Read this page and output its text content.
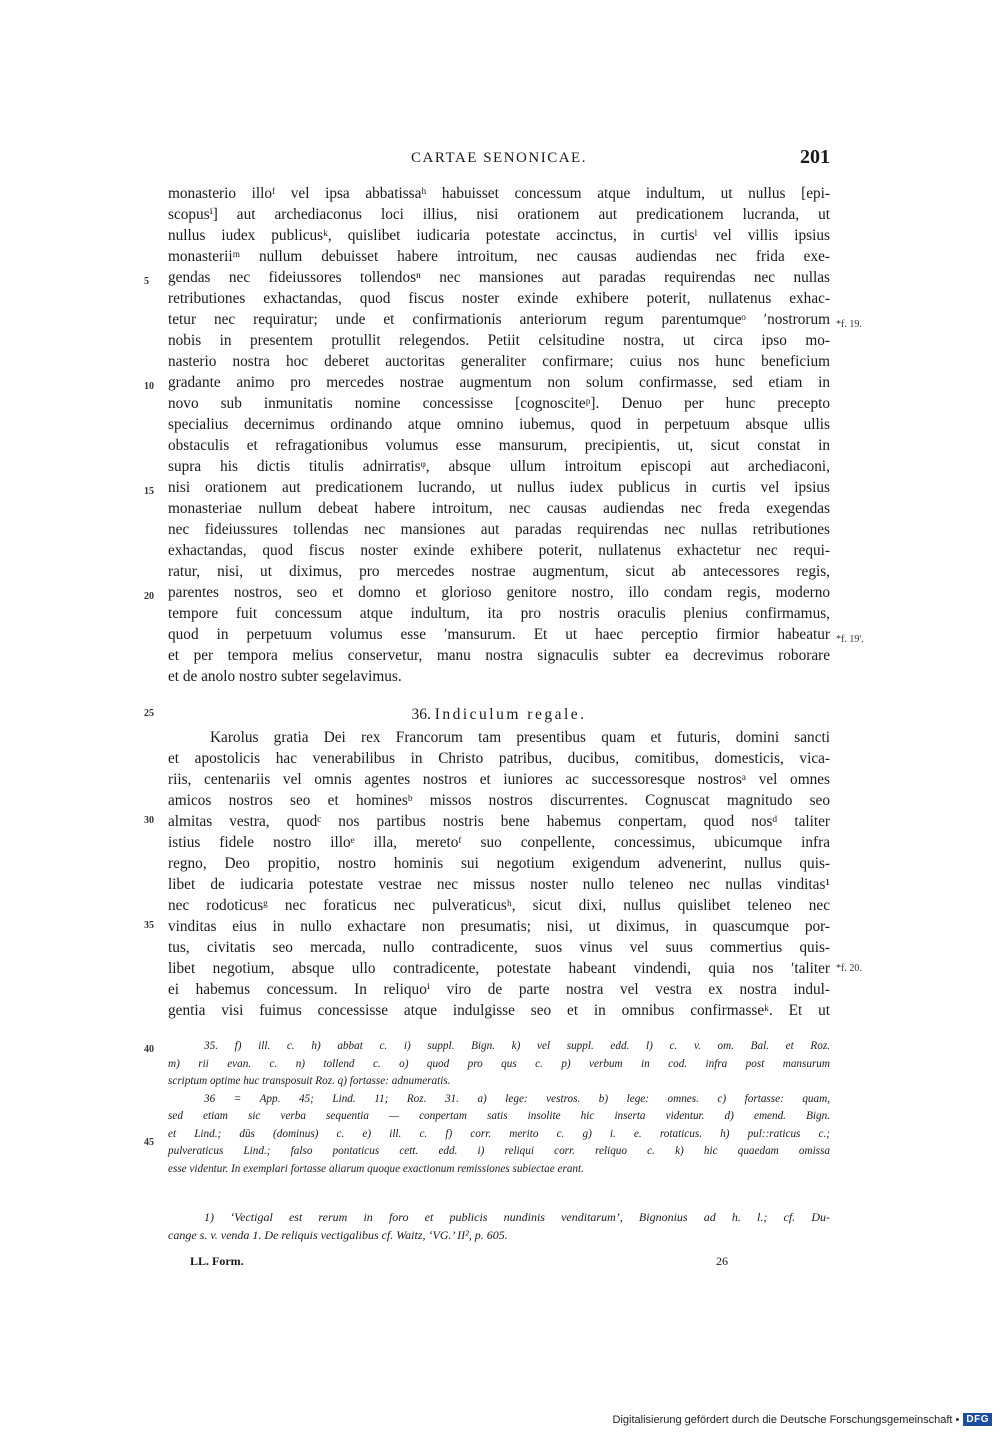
CARTAE SENONICAE.	201
monasterio illoᶠ vel ipsa abbatissaʰ habuisset concessum atque indultum, ut nullus [epi-
scopusⁱ] aut archediaconus loci illius, nisi orationem aut predicationem lucranda, ut
nullus iudex publicusᵏ, quislibet iudicaria potestate accinctus, in curtisˡ vel villis ipsius
monasteriiᵐ nullum debuisset habere introitum, nec causas audiendas nec frida exe-
gendas nec fideiussores tollendosⁿ nec mansiones aut paradas requirendas nec nullas
retributiones exhactandas, quod fiscus noster exinde exhibere poterit, nullatenus exhac-
tetur nec requiratur; unde et confirmationis anteriorum regum parentumqueᵒ ʹnostrorum
nobis in presentem protullit relegendos. Petiit celsitudine nostra, ut circa ipso mo-
nasterio nostra hoc deberet auctoritas generaliter confirmare; cuius nos hunc beneficium
gradante animo pro mercedes nostrae augmentum non solum confirmasse, sed etiam in
novo sub inmunitatis nomine concessisse [cognosciteᵖ]. Denuo per hunc precepto
specialius decernimus ordinando atque omnino iubemus, quod in perpetuum absque ullis
obstaculis et refragationibus volumus esse mansurum, precipientis, ut, sicut constat in
supra his dictis titulis adnirratisᵠ, absque ullum introitum episcopi aut archediaconi,
nisi orationem aut predicationem lucrando, ut nullus iudex publicus in curtis vel ipsius
monasteriae nullum debeat habere introitum, nec causas audiendas nec freda exegendas
nec fideiussures tollendas nec mansiones aut paradas requirendas nec nullas retributiones
exhactandas, quod fiscus noster exinde exhibere poterit, nullatenus exhactetur nec requi-
ratur, nisi, ut diximus, pro mercedes nostrae augmentum, sicut ab antecessores regis,
parentes nostros, seo et domno et glorioso genitore nostro, illo condam regis, moderno
tempore fuit concessum atque indultum, ita pro nostris oraculis plenius confirmamus,
quod in perpetuum volumus esse ʹmansurum. Et ut haec perceptio firmior habeatur
et per tempora melius conservetur, manu nostra signaculis subter ea decrevimus roborare
et de anolo nostro subter segelavimus.
36. Indiculum regale.
Karolus gratia Dei rex Francorum tam presentibus quam et futuris, domini sancti
et apostolicis hac venerabilibus in Christo patribus, ducibus, comitibus, domesticis, vica-
riis, centenariis vel omnis agentes nostros et iuniores ac successoresque nostrosᵃ vel omnes
amicos nostros seo et hominesᵇ missos nostros discurrentes. Cognuscat magnitudo seo
almitas vestra, quodᶜ nos partibus nostris bene habemus conpertam, quod nosᵈ taliter
istius fidele nostro illoᵉ illa, meretoᶠ suo conpellente, concessimus, ubicumque infra
regno, Deo propitio, nostro hominis sui negotium exigendum advenerint, nullus quis-
libet de iudicaria potestate vestrae nec missus noster nullo teleneo nec nullas vinditas¹
nec rodoticusᵍ nec foraticus nec pulveraticusʰ, sicut dixi, nullus quislibet teleneo nec
vinditas eius in nullo exhactare non presumatis; nisi, ut diximus, in quascumque por-
tus, civitatis seo mercada, nullo contradicente, suos vinus vel suus commertius quis-
libet negotium, absque ullo contradicente, potestate habeant vindendi, quia nos ʹtaliter
ei habemus concessum. In reliquoⁱ viro de parte nostra vel vestra ex nostra indul-
gentia visi fuimus concessisse atque indulgisse seo et in omnibus confirmasseᵏ. Et ut
5
10
15
20
25
30
35
40
45
*f. 19.
*f. 19'.
*f. 20.
35. f) ill. c. h) abbat c. i) suppl. Bign. k) vel suppl. edd. l) c. v. om. Bal. et Roz.
m) rii evan. c. n) tollend c. o) quod pro qus c. p) verbum in cod. infra post mansurum
scriptum optime huc transposuit Roz. q) fortasse: adnumeratis.
36 = App. 45; Lind. 11; Roz. 31. a) lege: vestros. b) lege: omnes. c) fortasse: quam,
sed etiam sic verba sequentia — conpertam satis insolite hic inserta videntur. d) emend. Bign.
et Lind.; dūs (dominus) c. e) ill. c. f) corr. merito c. g) i. e. rotaticus. h) pul::raticus c.;
pulveraticus Lind.; falso pontaticus cett. edd. i) reliqui corr. reliquo c. k) hic quaedam omissa
esse videntur. In exemplari fortasse aliarum quoque exactionum remissiones subiectae erant.
1) ‘Vectigal est rerum in foro et publicis nundinis venditarum’, Bignonius ad h. l.; cf. Du-
cange s. v. venda 1. De reliquis vectigalibus cf. Waitz, ‘VG.’ II², p. 605.
LL. Form.	26
Digitalisierung gefördert durch die Deutsche Forschungsgemeinschaft • DFG
